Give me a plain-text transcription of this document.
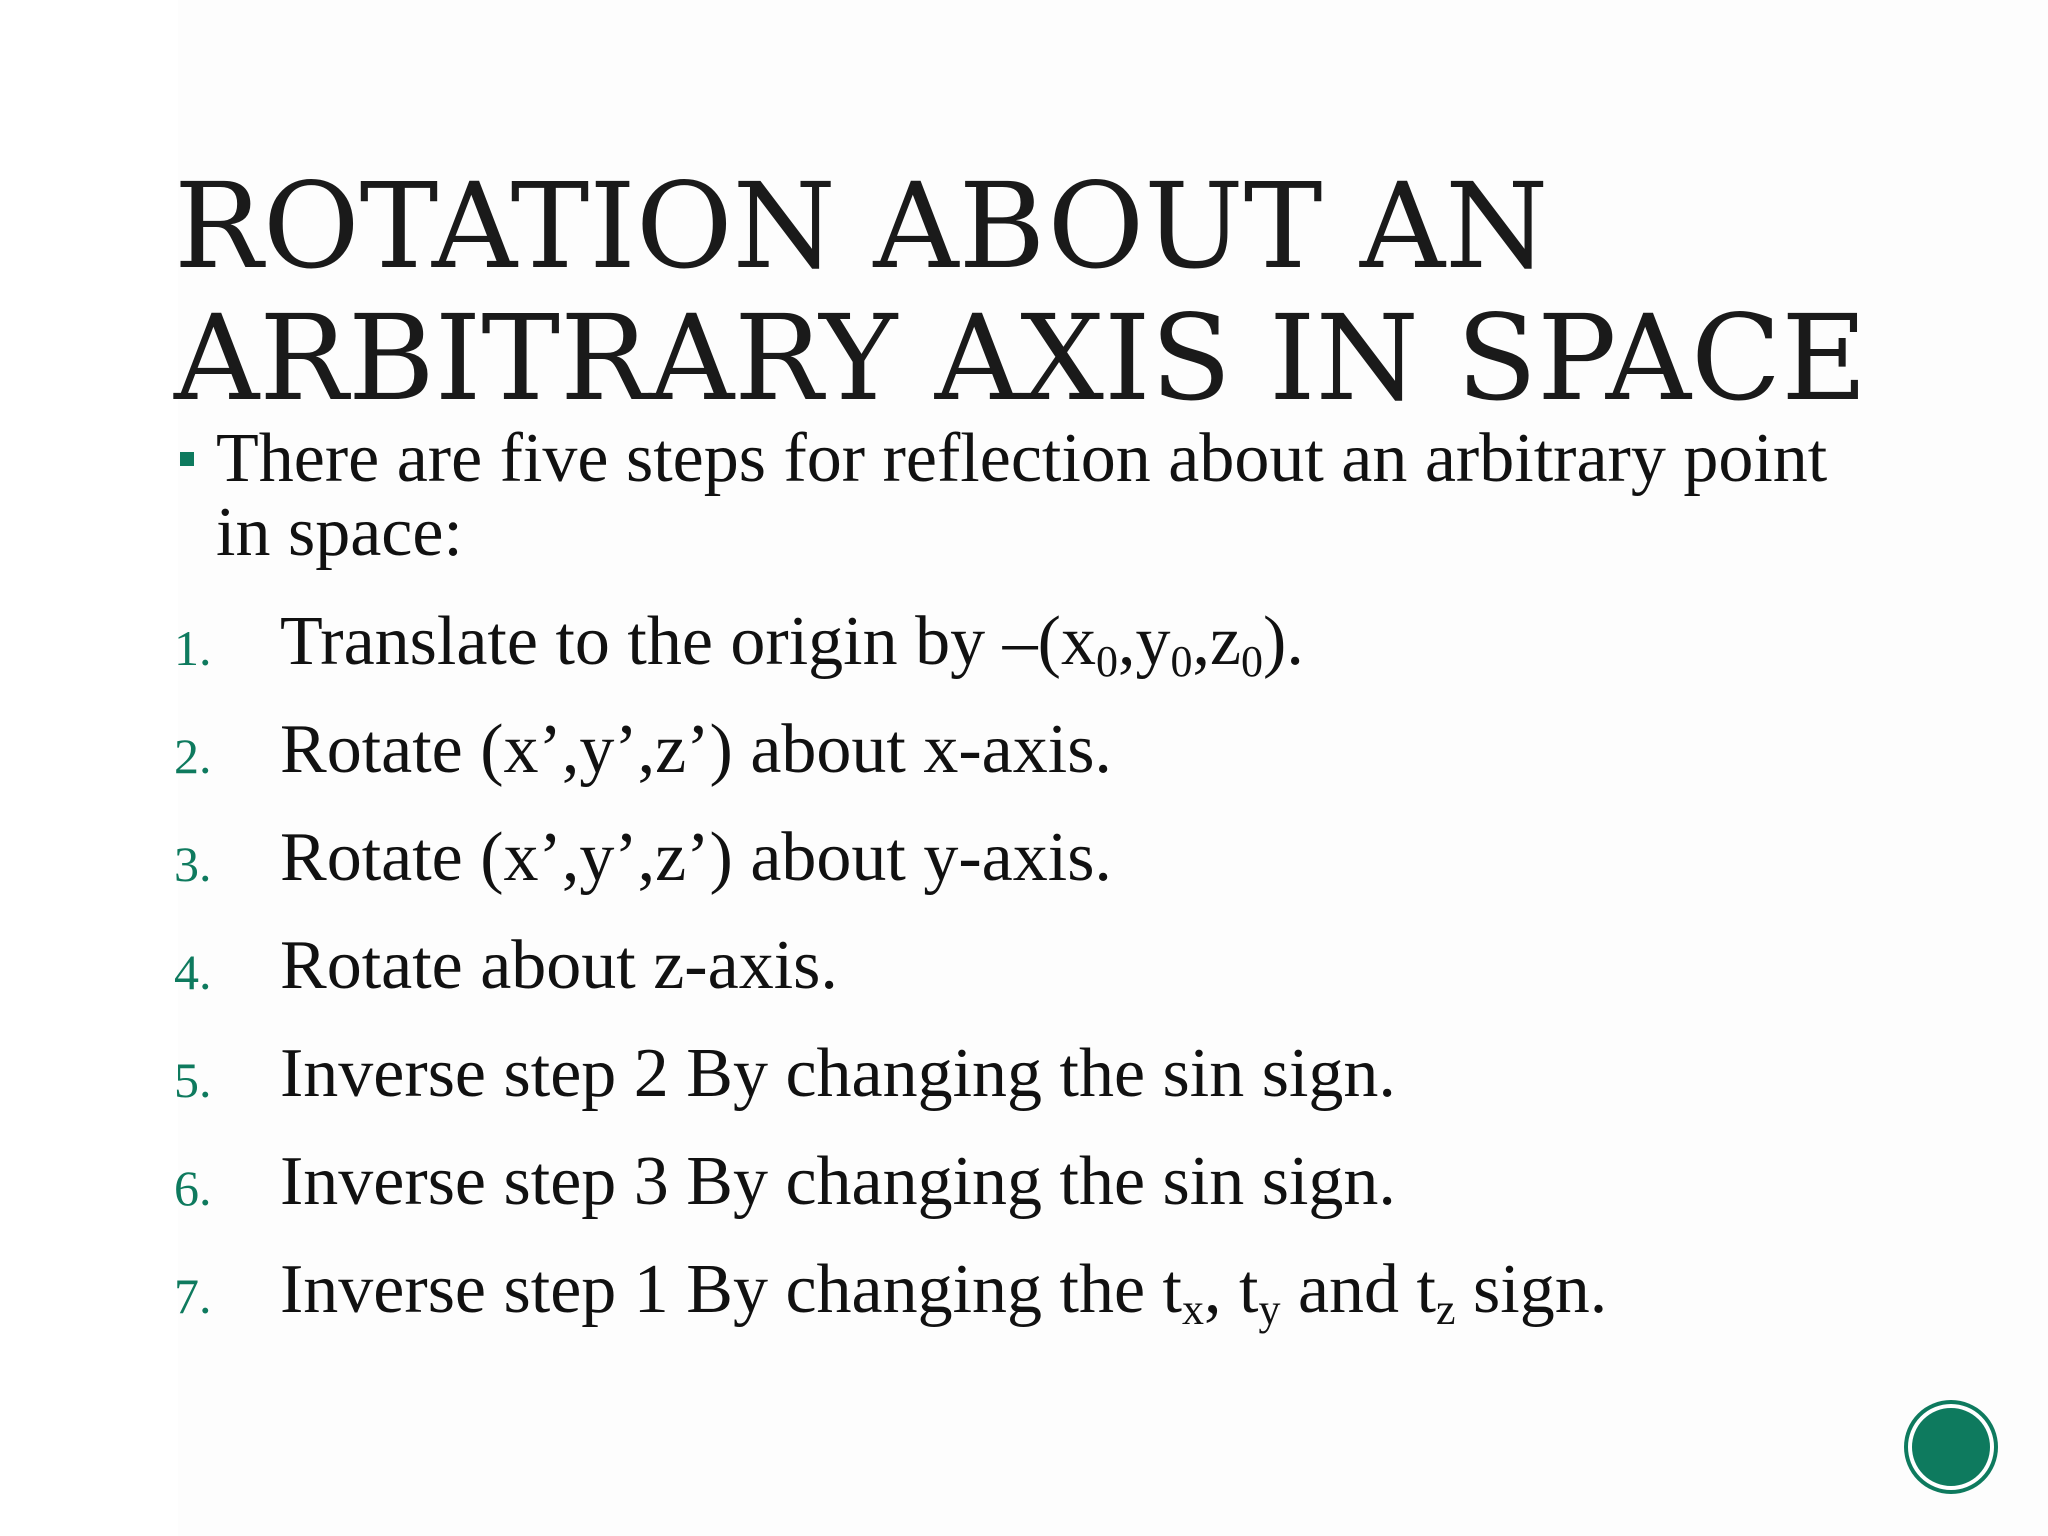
ROTATION ABOUT AN
ARBITRARY AXIS IN SPACE
There are five steps for reflection about an arbitrary point in space:
1. Translate to the origin by $-(x_0,y_0,z_0)$.
2. Rotate (x’,y’,z’) about x-axis.
3. Rotate (x’,y’,z’) about y-axis.
4. Rotate about z-axis.
5. Inverse step 2 By changing the sin sign.
6. Inverse step 3 By changing the sin sign.
7. Inverse step 1 By changing the $t_x$, $t_y$ and $t_z$ sign.
